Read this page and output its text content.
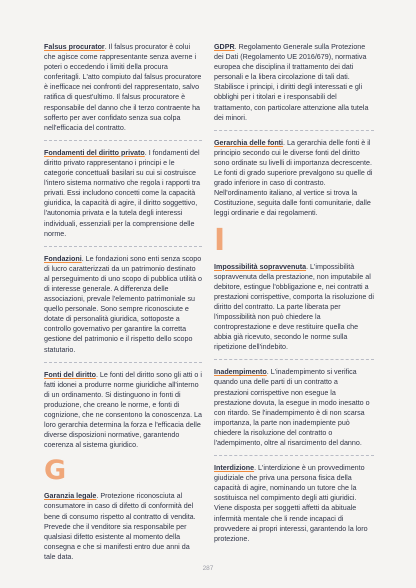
Falsus procurator. Il falsus procurator è colui che agisce come rappresentante senza averne i poteri o eccedendo i limiti della procura conferitagli. L'atto compiuto dal falsus procuratore è inefficace nei confronti del rappresentato, salvo ratifica di quest'ultimo. Il falsus procuratore è responsabile del danno che il terzo contraente ha sofferto per aver confidato senza sua colpa nell'efficacia del contratto.

Fondamenti del diritto privato. I fondamenti del diritto privato rappresentano i principi e le categorie concettuali basilari su cui si costruisce l'intero sistema normativo che regola i rapporti tra privati. Essi includono concetti come la capacità giuridica, la capacità di agire, il diritto soggettivo, l'autonomia privata e la tutela degli interessi individuali, essenziali per la comprensione delle norme.

Fondazioni. Le fondazioni sono enti senza scopo di lucro caratterizzati da un patrimonio destinato al perseguimento di uno scopo di pubblica utilità o di interesse generale. A differenza delle associazioni, prevale l'elemento patrimoniale su quello personale. Sono sempre riconosciute e dotate di personalità giuridica, sottoposte a controllo governativo per garantire la corretta gestione del patrimonio e il rispetto dello scopo statutario.

Fonti del diritto. Le fonti del diritto sono gli atti o i fatti idonei a produrre norme giuridiche all'interno di un ordinamento. Si distinguono in fonti di produzione, che creano le norme, e fonti di cognizione, che ne consentono la conoscenza. La loro gerarchia determina la forza e l'efficacia delle diverse disposizioni normative, garantendo coerenza al sistema giuridico.

G

Garanzia legale. Protezione riconosciuta al consumatore in caso di difetto di conformità del bene di consumo rispetto al contratto di vendita. Prevede che il venditore sia responsabile per qualsiasi difetto esistente al momento della consegna e che si manifesti entro due anni da tale data.

GDPR. Regolamento Generale sulla Protezione dei Dati (Regolamento UE 2016/679), normativa europea che disciplina il trattamento dei dati personali e la libera circolazione di tali dati. Stabilisce i principi, i diritti degli interessati e gli obblighi per i titolari e i responsabili del trattamento, con particolare attenzione alla tutela dei minori.

Gerarchia delle fonti. La gerarchia delle fonti è il principio secondo cui le diverse fonti del diritto sono ordinate su livelli di importanza decrescente. Le fonti di grado superiore prevalgono su quelle di grado inferiore in caso di contrasto. Nell'ordinamento italiano, al vertice si trova la Costituzione, seguita dalle fonti comunitarie, dalle leggi ordinarie e dai regolamenti.

I

Impossibilità sopravvenuta. L'impossibilità sopravvenuta della prestazione, non imputabile al debitore, estingue l'obbligazione e, nei contratti a prestazioni corrispettive, comporta la risoluzione di diritto del contratto. La parte liberata per l'impossibilità non può chiedere la controprestazione e deve restituire quella che abbia già ricevuto, secondo le norme sulla ripetizione dell'indebito.

Inadempimento. L'inadempimento si verifica quando una delle parti di un contratto a prestazioni corrispettive non esegue la prestazione dovuta, la esegue in modo inesatto o con ritardo. Se l'inadempimento è di non scarsa importanza, la parte non inadempiente può chiedere la risoluzione del contratto o l'adempimento, oltre al risarcimento del danno.

Interdizione. L'interdizione è un provvedimento giudiziale che priva una persona fisica della capacità di agire, nominando un tutore che la sostituisca nel compimento degli atti giuridici. Viene disposta per soggetti affetti da abituale infermità mentale che li rende incapaci di provvedere ai propri interessi, garantendo la loro protezione.

287
